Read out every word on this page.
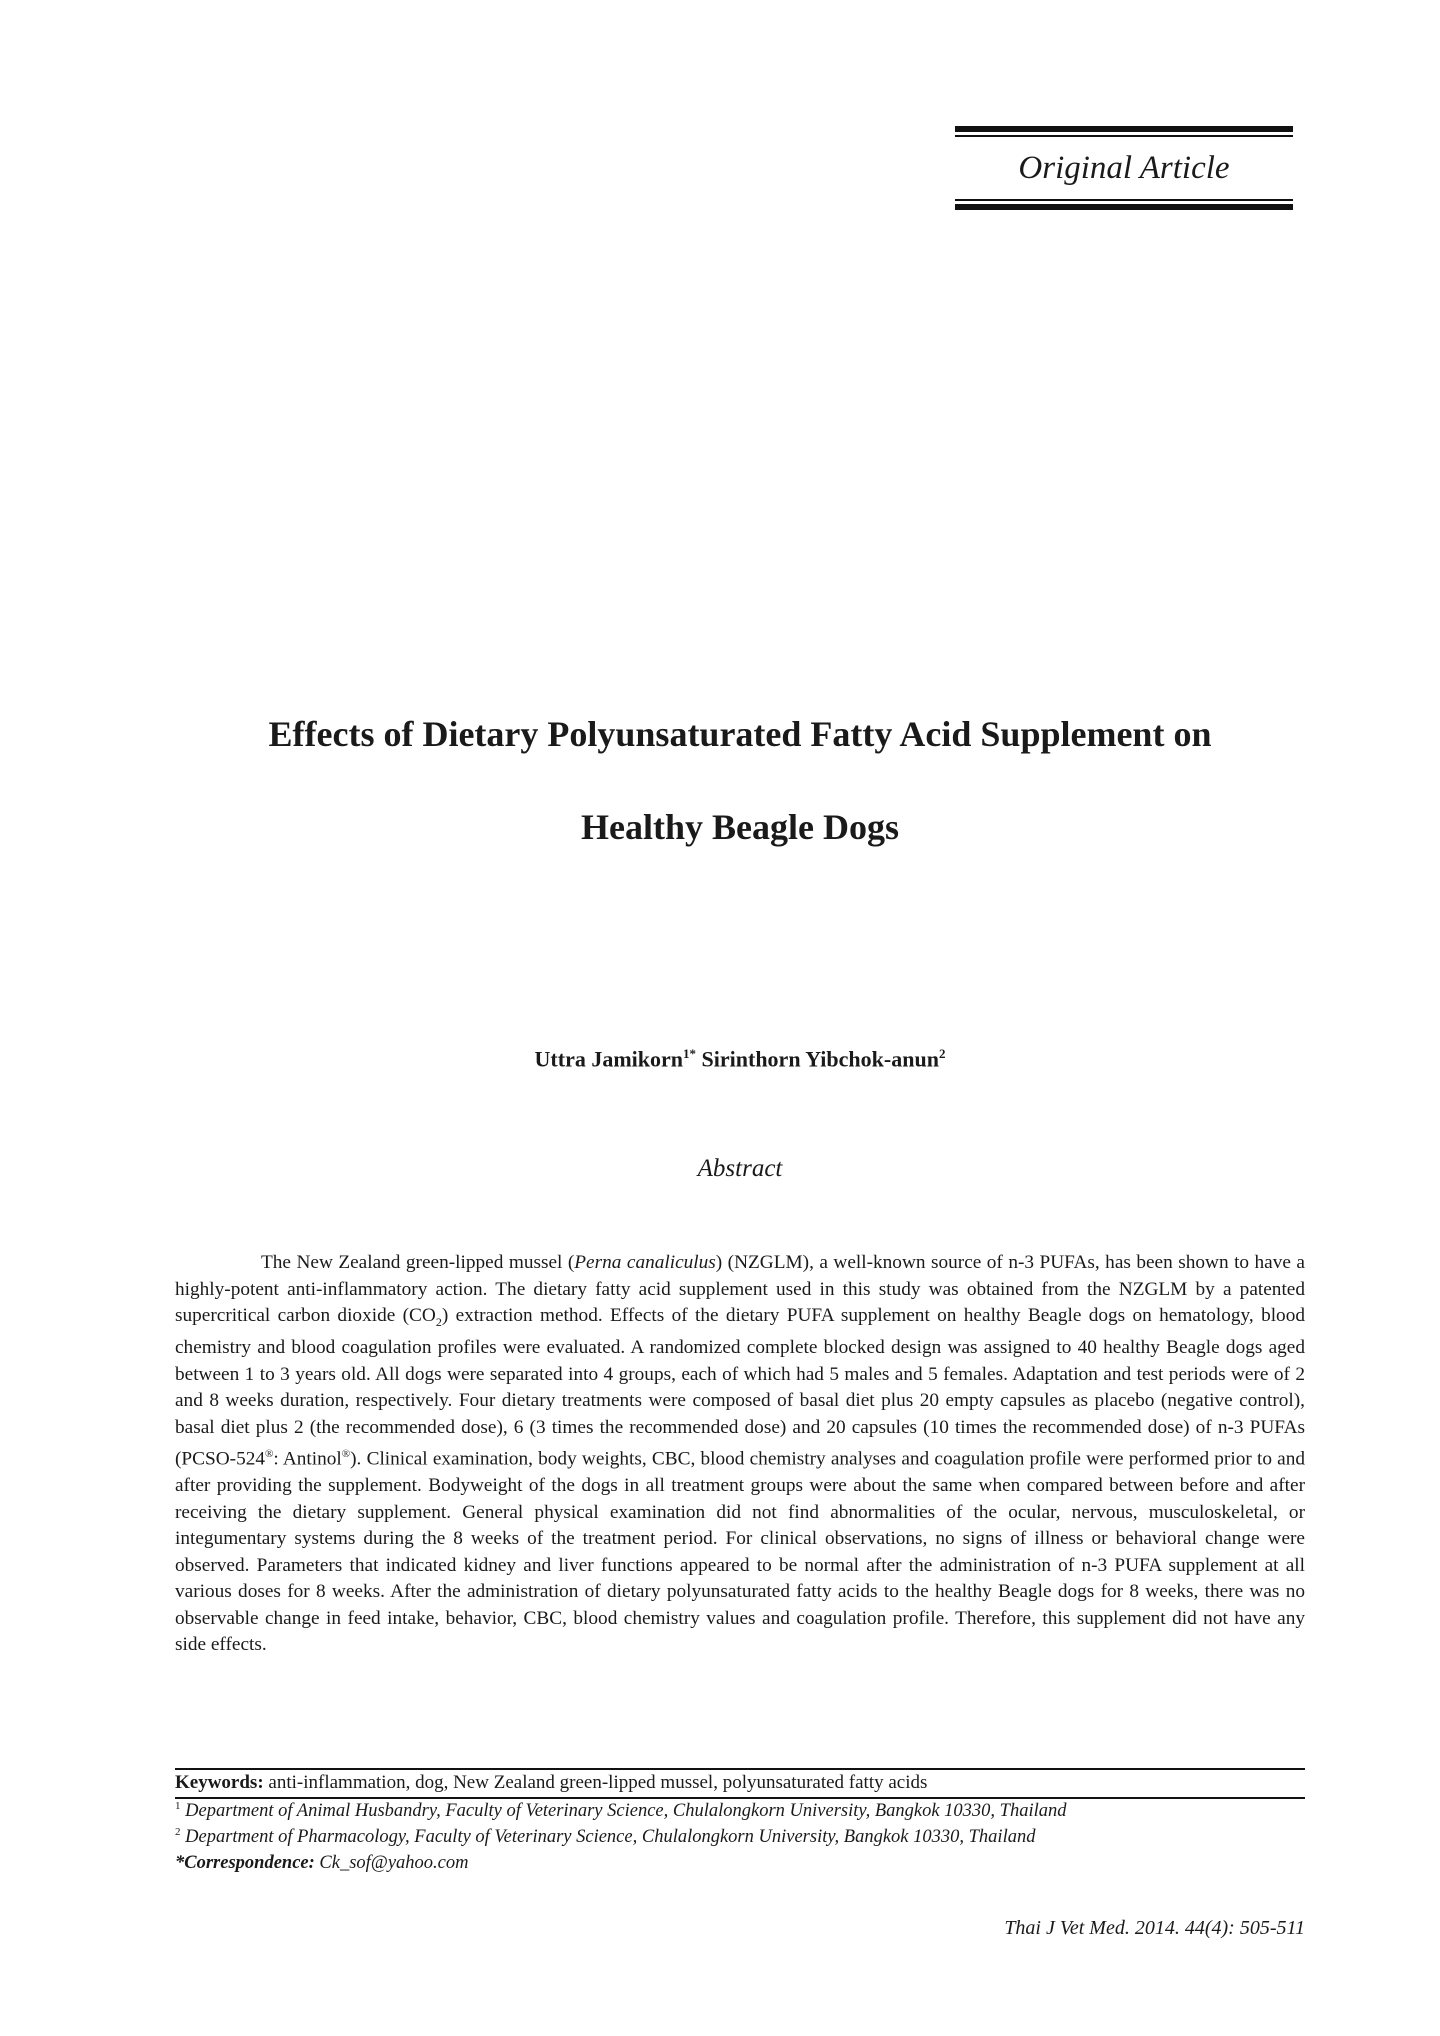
Original Article
Effects of Dietary Polyunsaturated Fatty Acid Supplement on
Healthy Beagle Dogs
Uttra Jamikorn$^{1*}$ Sirinthorn Yibchok-anun$^2$
Abstract

The New Zealand green-lipped mussel (Perna canaliculus) (NZGLM), a well-known source of n-3 PUFAs, has been shown to have a highly-potent anti-inflammatory action. The dietary fatty acid supplement used in this study was obtained from the NZGLM by a patented supercritical carbon dioxide $(CO_2)$ extraction method. Effects of the dietary PUFA supplement on healthy Beagle dogs on hematology, blood chemistry and blood coagulation profiles were evaluated. A randomized complete blocked design was assigned to 40 healthy Beagle dogs aged between 1 to 3 years old. All dogs were separated into 4 groups, each of which had 5 males and 5 females. Adaptation and test periods were of 2 and 8 weeks duration, respectively. Four dietary treatments were composed of basal diet plus 20 empty capsules as placebo (negative control), basal diet plus 2 (the recommended dose), 6 (3 times the recommended dose) and 20 capsules (10 times the recommended dose) of n-3 PUFAs (PCSO-524®: Antinol®). Clinical examination, body weights, CBC, blood chemistry analyses and coagulation profile were performed prior to and after providing the supplement. Bodyweight of the dogs in all treatment groups were about the same when compared between before and after receiving the dietary supplement. General physical examination did not find abnormalities of the ocular, nervous, musculoskeletal, or integumentary systems during the 8 weeks of the treatment period. For clinical observations, no signs of illness or behavioral change were observed. Parameters that indicated kidney and liver functions appeared to be normal after the administration of n-3 PUFA supplement at all various doses for 8 weeks. After the administration of dietary polyunsaturated fatty acids to the healthy Beagle dogs for 8 weeks, there was no observable change in feed intake, behavior, CBC, blood chemistry values and coagulation profile. Therefore, this supplement did not have any side effects.

Keywords: anti-inflammation, dog, New Zealand green-lipped mussel, polyunsaturated fatty acids
$^1$ Department of Animal Husbandry, Faculty of Veterinary Science, Chulalongkorn University, Bangkok 10330, Thailand
$^2$ Department of Pharmacology, Faculty of Veterinary Science, Chulalongkorn University, Bangkok 10330, Thailand
*Correspondence: Ck_sof@yahoo.com
Thai J Vet Med. 2014. 44(4): 505-511
